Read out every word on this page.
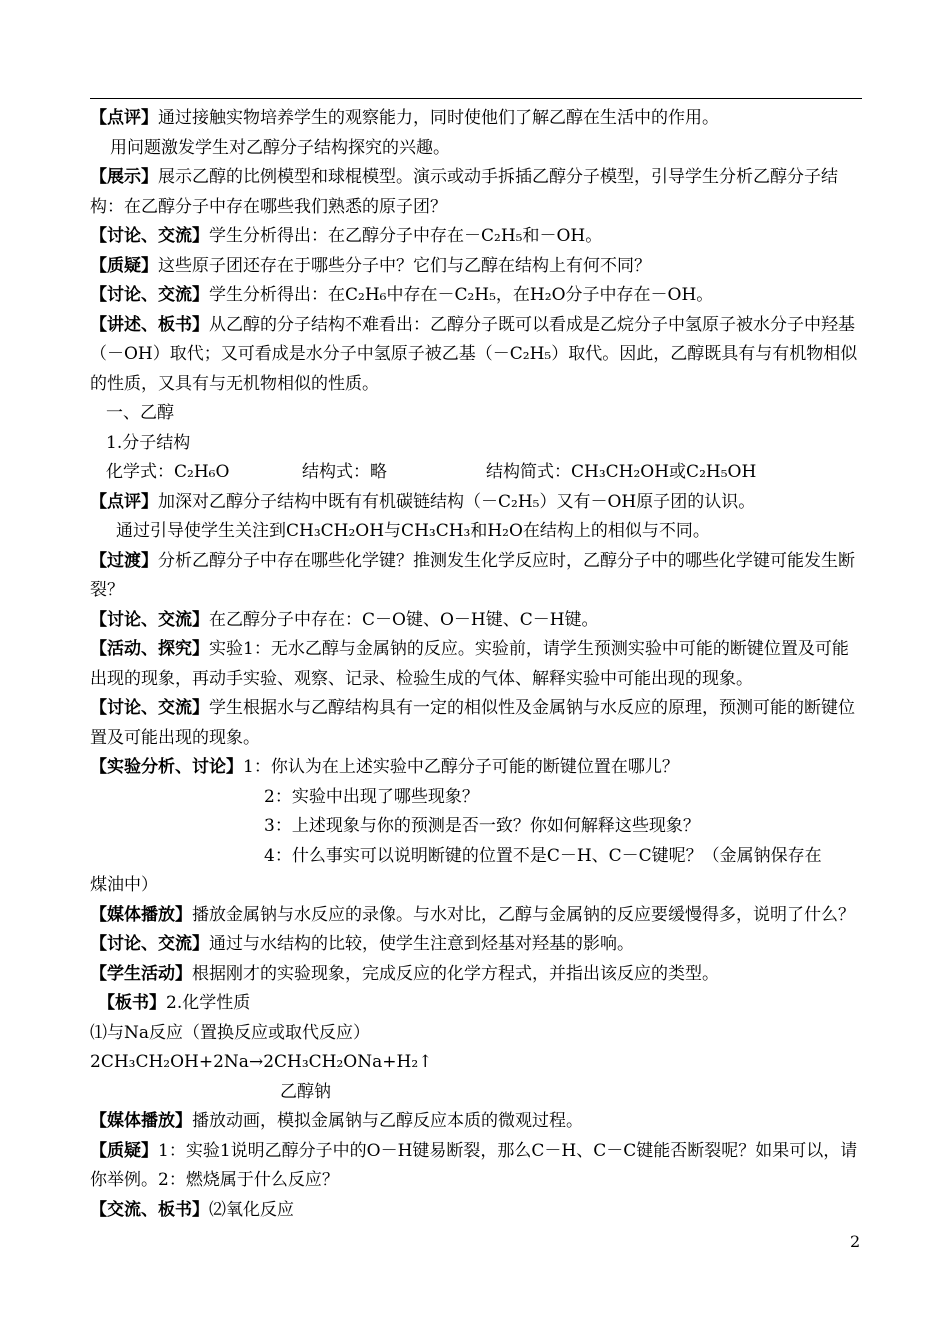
【点评】通过接触实物培养学生的观察能力，同时使他们了解乙醇在生活中的作用。

用问题激发学生对乙醇分子结构探究的兴趣。

【展示】展示乙醇的比例模型和球棍模型。演示或动手拆插乙醇分子模型，引导学生分析乙醇分子结构：在乙醇分子中存在哪些我们熟悉的原子团？

【讨论、交流】学生分析得出：在乙醇分子中存在－C₂H₅和－OH。

【质疑】这些原子团还存在于哪些分子中？它们与乙醇在结构上有何不同？

【讨论、交流】学生分析得出：在C₂H₆中存在－C₂H₅，在H₂O分子中存在－OH。

【讲述、板书】从乙醇的分子结构不难看出：乙醇分子既可以看成是乙烷分子中氢原子被水分子中羟基（－OH）取代；又可看成是水分子中氢原子被乙基（－C₂H₅）取代。因此，乙醇既具有与有机物相似的性质，又具有与无机物相似的性质。

一、乙醇

1.分子结构

化学式：C₂H₆O	结构式：略	结构简式：CH₃CH₂OH或C₂H₅OH

【点评】加深对乙醇分子结构中既有有机碳链结构（－C₂H₅）又有－OH原子团的认识。

通过引导使学生关注到CH₃CH₂OH与CH₃CH₃和H₂O在结构上的相似与不同。

【过渡】分析乙醇分子中存在哪些化学键？推测发生化学反应时，乙醇分子中的哪些化学键可能发生断裂？

【讨论、交流】在乙醇分子中存在：C－O键、O－H键、C－H键。

【活动、探究】实验1：无水乙醇与金属钠的反应。实验前，请学生预测实验中可能的断键位置及可能出现的现象，再动手实验、观察、记录、检验生成的气体、解释实验中可能出现的现象。

【讨论、交流】学生根据水与乙醇结构具有一定的相似性及金属钠与水反应的原理，预测可能的断键位置及可能出现的现象。

【实验分析、讨论】1：你认为在上述实验中乙醇分子可能的断键位置在哪儿？

2：实验中出现了哪些现象？

3：上述现象与你的预测是否一致？你如何解释这些现象？

4：什么事实可以说明断键的位置不是C－H、C－C键呢？（金属钠保存在

煤油中）

【媒体播放】播放金属钠与水反应的录像。与水对比，乙醇与金属钠的反应要缓慢得多，说明了什么？

【讨论、交流】通过与水结构的比较，使学生注意到烃基对羟基的影响。

【学生活动】根据刚才的实验现象，完成反应的化学方程式，并指出该反应的类型。

【板书】2.化学性质

⑴与Na反应（置换反应或取代反应）

2CH₃CH₂OH+2Na→2CH₃CH₂ONa+H₂↑

乙醇钠

【媒体播放】播放动画，模拟金属钠与乙醇反应本质的微观过程。

【质疑】1：实验1说明乙醇分子中的O－H键易断裂，那么C－H、C－C键能否断裂呢？如果可以，请你举例。2：燃烧属于什么反应？

【交流、板书】⑵氧化反应

2
